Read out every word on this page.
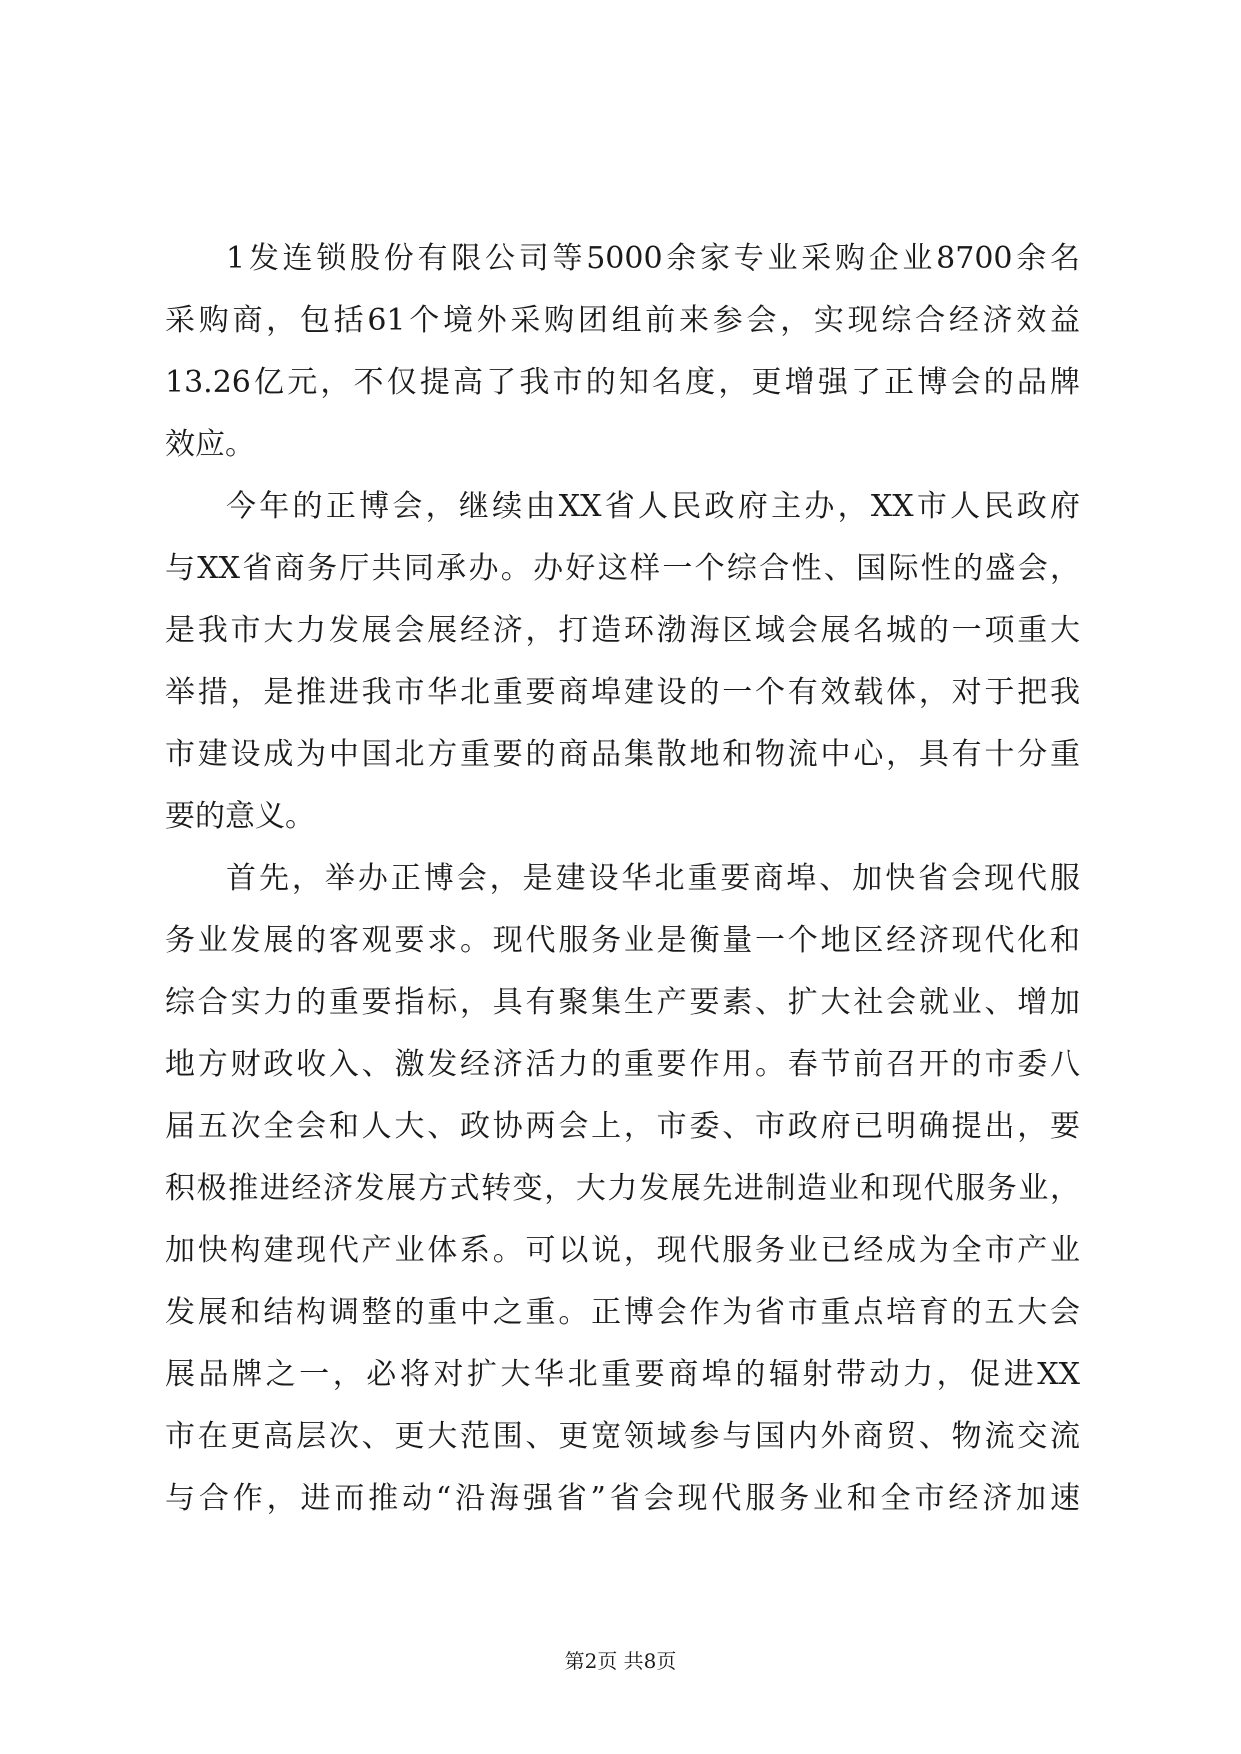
1发连锁股份有限公司等5000余家专业采购企业8700余名
采购商，包括61个境外采购团组前来参会，实现综合经济效益
13.26亿元，不仅提高了我市的知名度，更增强了正博会的品牌
效应。
今年的正博会，继续由XX省人民政府主办，XX市人民政府
与XX省商务厅共同承办。办好这样一个综合性、国际性的盛会，
是我市大力发展会展经济，打造环渤海区域会展名城的一项重大
举措，是推进我市华北重要商埠建设的一个有效载体，对于把我
市建设成为中国北方重要的商品集散地和物流中心，具有十分重
要的意义。
首先，举办正博会，是建设华北重要商埠、加快省会现代服
务业发展的客观要求。现代服务业是衡量一个地区经济现代化和
综合实力的重要指标，具有聚集生产要素、扩大社会就业、增加
地方财政收入、激发经济活力的重要作用。春节前召开的市委八
届五次全会和人大、政协两会上，市委、市政府已明确提出，要
积极推进经济发展方式转变，大力发展先进制造业和现代服务业，
加快构建现代产业体系。可以说，现代服务业已经成为全市产业
发展和结构调整的重中之重。正博会作为省市重点培育的五大会
展品牌之一，必将对扩大华北重要商埠的辐射带动力，促进XX
市在更高层次、更大范围、更宽领域参与国内外商贸、物流交流
与合作，进而推动“沿海强省”省会现代服务业和全市经济加速
第2页 共8页
